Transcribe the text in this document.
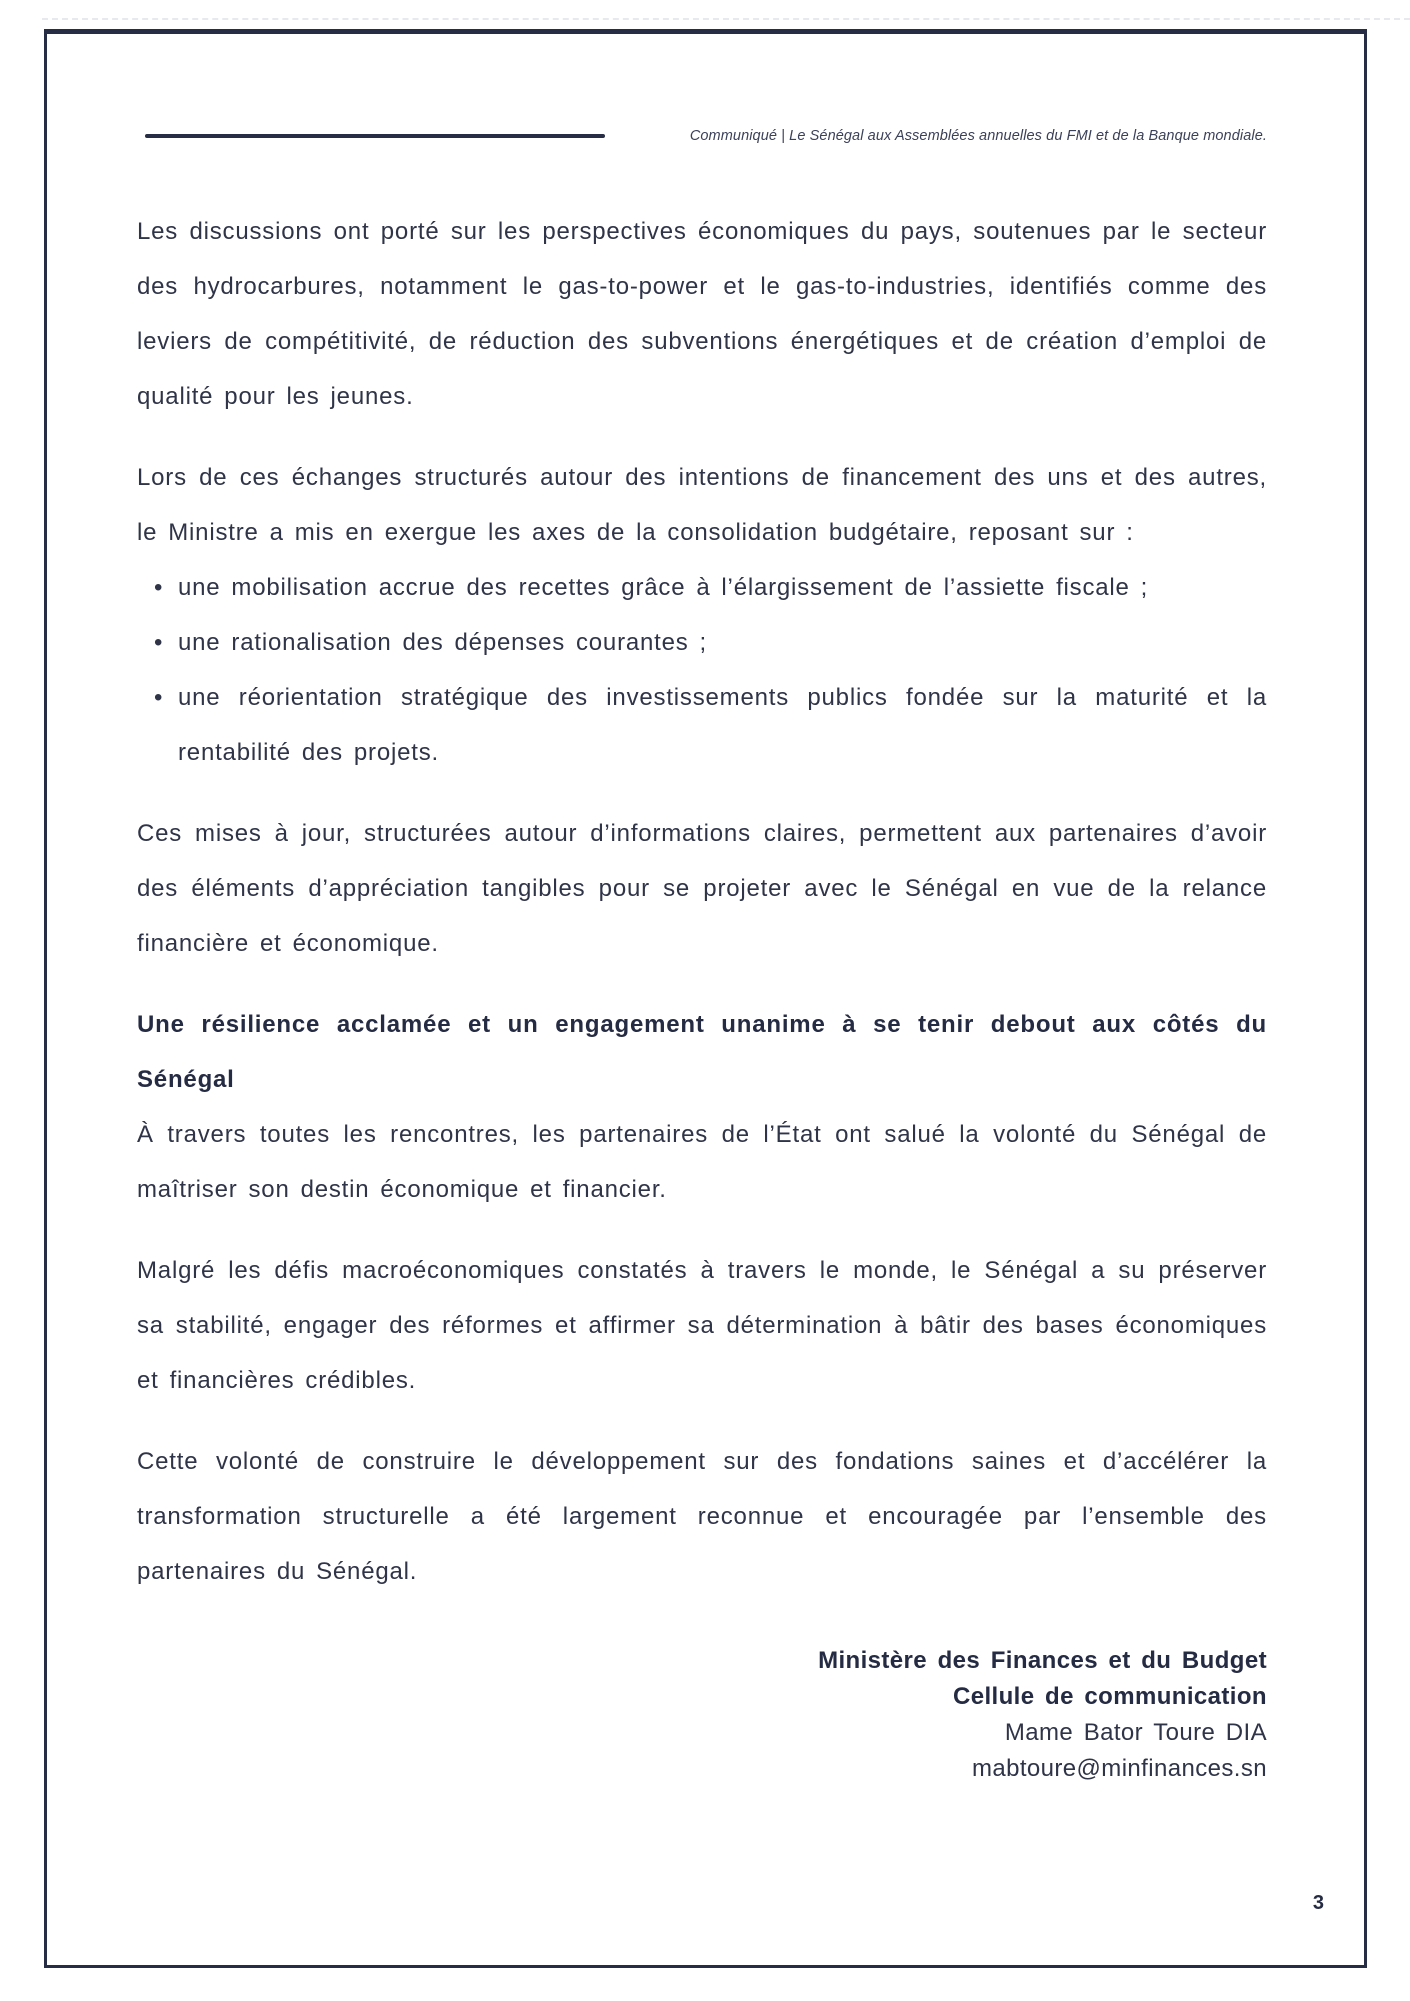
Communiqué | Le Sénégal aux Assemblées annuelles du FMI et de la Banque mondiale.

Les discussions ont porté sur les perspectives économiques du pays, soutenues par le secteur des hydrocarbures, notamment le gas-to-power et le gas-to-industries, identifiés comme des leviers de compétitivité, de réduction des subventions énergétiques et de création d’emploi de qualité pour les jeunes.

Lors de ces échanges structurés autour des intentions de financement des uns et des autres, le Ministre a mis en exergue les axes de la consolidation budgétaire, reposant sur :

• une mobilisation accrue des recettes grâce à l’élargissement de l’assiette fiscale ;
• une rationalisation des dépenses courantes ;
• une réorientation stratégique des investissements publics fondée sur la maturité et la rentabilité des projets.

Ces mises à jour, structurées autour d’informations claires, permettent aux partenaires d’avoir des éléments d’appréciation tangibles pour se projeter avec le Sénégal en vue de la relance financière et économique.

Une résilience acclamée et un engagement unanime à se tenir debout aux côtés du Sénégal

À travers toutes les rencontres, les partenaires de l’État ont salué la volonté du Sénégal de maîtriser son destin économique et financier.

Malgré les défis macroéconomiques constatés à travers le monde, le Sénégal a su préserver sa stabilité, engager des réformes et affirmer sa détermination à bâtir des bases économiques et financières crédibles.

Cette volonté de construire le développement sur des fondations saines et d’accélérer la transformation structurelle a été largement reconnue et encouragée par l’ensemble des partenaires du Sénégal.

Ministère des Finances et du Budget
Cellule de communication
Mame Bator Toure DIA
mabtoure@minfinances.sn
3
